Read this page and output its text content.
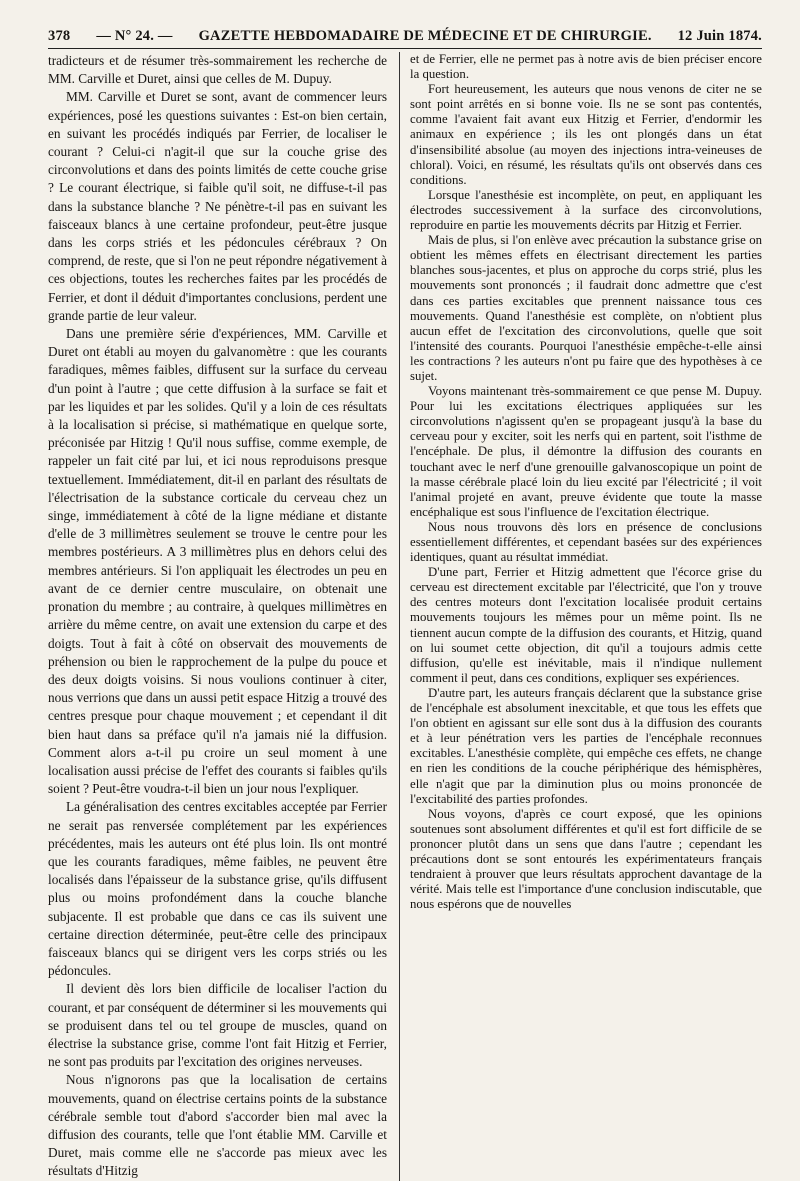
378 — N° 24. — GAZETTE HEBDOMADAIRE DE MÉDECINE ET DE CHIRURGIE. 12 Juin 1874.

tradicteurs et de résumer très-sommairement les recherche de MM. Carville et Duret, ainsi que celles de M. Dupuy.

MM. Carville et Duret se sont, avant de commencer leurs expériences, posé les questions suivantes : Est-on bien certain, en suivant les procédés indiqués par Ferrier, de localiser le courant ? Celui-ci n'agit-il que sur la couche grise des circonvolutions et dans des points limités de cette couche grise ? Le courant électrique, si faible qu'il soit, ne diffuse-t-il pas dans la substance blanche ? Ne pénètre-t-il pas en suivant les faisceaux blancs à une certaine profondeur, peut-être jusque dans les corps striés et les pédoncules cérébraux ? On comprend, de reste, que si l'on ne peut répondre négativement à ces objections, toutes les recherches faites par les procédés de Ferrier, et dont il déduit d'importantes conclusions, perdent une grande partie de leur valeur.

Dans une première série d'expériences, MM. Carville et Duret ont établi au moyen du galvanomètre : que les courants faradiques, mêmes faibles, diffusent sur la surface du cerveau d'un point à l'autre ; que cette diffusion à la surface se fait et par les liquides et par les solides. Qu'il y a loin de ces résultats à la localisation si précise, si mathématique en quelque sorte, préconisée par Hitzig ! Qu'il nous suffise, comme exemple, de rappeler un fait cité par lui, et ici nous reproduisons presque textuellement. Immédiatement, dit-il en parlant des résultats de l'électrisation de la substance corticale du cerveau chez un singe, immédiatement à côté de la ligne médiane et distante d'elle de 3 millimètres seulement se trouve le centre pour les membres postérieurs. A 3 millimètres plus en dehors celui des membres antérieurs. Si l'on appliquait les électrodes un peu en avant de ce dernier centre musculaire, on obtenait une pronation du membre ; au contraire, à quelques millimètres en arrière du même centre, on avait une extension du carpe et des doigts. Tout à fait à côté on observait des mouvements de préhension ou bien le rapprochement de la pulpe du pouce et des deux doigts voisins. Si nous voulions continuer à citer, nous verrions que dans un aussi petit espace Hitzig a trouvé des centres presque pour chaque mouvement ; et cependant il dit bien haut dans sa préface qu'il n'a jamais nié la diffusion. Comment alors a-t-il pu croire un seul moment à une localisation aussi précise de l'effet des courants si faibles qu'ils soient ? Peut-être voudra-t-il bien un jour nous l'expliquer.

La généralisation des centres excitables acceptée par Ferrier ne serait pas renversée complétement par les expériences précédentes, mais les auteurs ont été plus loin. Ils ont montré que les courants faradiques, même faibles, ne peuvent être localisés dans l'épaisseur de la substance grise, qu'ils diffusent plus ou moins profondément dans la couche blanche subjacente. Il est probable que dans ce cas ils suivent une certaine direction déterminée, peut-être celle des principaux faisceaux blancs qui se dirigent vers les corps striés ou les pédoncules.

Il devient dès lors bien difficile de localiser l'action du courant, et par conséquent de déterminer si les mouvements qui se produisent dans tel ou tel groupe de muscles, quand on électrise la substance grise, comme l'ont fait Hitzig et Ferrier, ne sont pas produits par l'excitation des origines nerveuses.

Nous n'ignorons pas que la localisation de certains mouvements, quand on électrise certains points de la substance cérébrale semble tout d'abord s'accorder bien mal avec la diffusion des courants, telle que l'ont établie MM. Carville et Duret, mais comme elle ne s'accorde pas mieux avec les résultats d'Hitzig

et de Ferrier, elle ne permet pas à notre avis de bien préciser encore la question.

Fort heureusement, les auteurs que nous venons de citer ne se sont point arrêtés en si bonne voie. Ils ne se sont pas contentés, comme l'avaient fait avant eux Hitzig et Ferrier, d'endormir les animaux en expérience ; ils les ont plongés dans un état d'insensibilité absolue (au moyen des injections intra-veineuses de chloral). Voici, en résumé, les résultats qu'ils ont observés dans ces conditions.

Lorsque l'anesthésie est incomplète, on peut, en appliquant les électrodes successivement à la surface des circonvolutions, reproduire en partie les mouvements décrits par Hitzig et Ferrier.

Mais de plus, si l'on enlève avec précaution la substance grise on obtient les mêmes effets en électrisant directement les parties blanches sous-jacentes, et plus on approche du corps strié, plus les mouvements sont prononcés ; il faudrait donc admettre que c'est dans ces parties excitables que prennent naissance tous ces mouvements. Quand l'anesthésie est complète, on n'obtient plus aucun effet de l'excitation des circonvolutions, quelle que soit l'intensité des courants. Pourquoi l'anesthésie empêche-t-elle ainsi les contractions ? les auteurs n'ont pu faire que des hypothèses à ce sujet.

Voyons maintenant très-sommairement ce que pense M. Dupuy. Pour lui les excitations électriques appliquées sur les circonvolutions n'agissent qu'en se propageant jusqu'à la base du cerveau pour y exciter, soit les nerfs qui en partent, soit l'isthme de l'encéphale. De plus, il démontre la diffusion des courants en touchant avec le nerf d'une grenouille galvanoscopique un point de la masse cérébrale placé loin du lieu excité par l'électricité ; il voit l'animal projeté en avant, preuve évidente que toute la masse encéphalique est sous l'influence de l'excitation électrique.

Nous nous trouvons dès lors en présence de conclusions essentiellement différentes, et cependant basées sur des expériences identiques, quant au résultat immédiat.

D'une part, Ferrier et Hitzig admettent que l'écorce grise du cerveau est directement excitable par l'électricité, que l'on y trouve des centres moteurs dont l'excitation localisée produit certains mouvements toujours les mêmes pour un même point. Ils ne tiennent aucun compte de la diffusion des courants, et Hitzig, quand on lui soumet cette objection, dit qu'il a toujours admis cette diffusion, qu'elle est inévitable, mais il n'indique nullement comment il peut, dans ces conditions, expliquer ses expériences.

D'autre part, les auteurs français déclarent que la substance grise de l'encéphale est absolument inexcitable, et que tous les effets que l'on obtient en agissant sur elle sont dus à la diffusion des courants et à leur pénétration vers les parties de l'encéphale reconnues excitables. L'anesthésie complète, qui empêche ces effets, ne change en rien les conditions de la couche périphérique des hémisphères, elle n'agit que par la diminution plus ou moins prononcée de l'excitabilité des parties profondes.

Nous voyons, d'après ce court exposé, que les opinions soutenues sont absolument différentes et qu'il est fort difficile de se prononcer plutôt dans un sens que dans l'autre ; cependant les précautions dont se sont entourés les expérimentateurs français tendraient à prouver que leurs résultats approchent davantage de la vérité. Mais telle est l'importance d'une conclusion indiscutable, que nous espérons que de nouvelles
